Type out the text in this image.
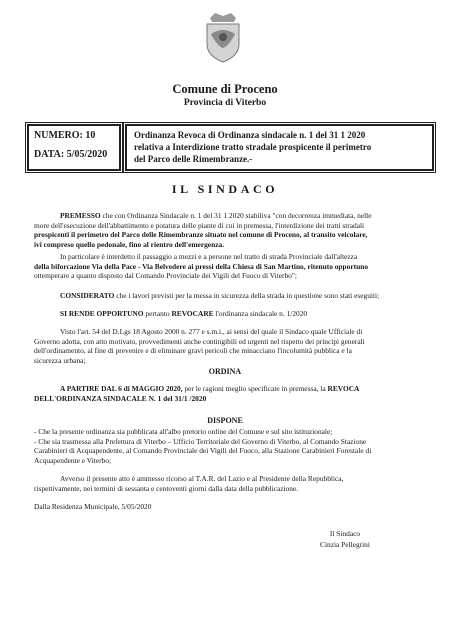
Comune di Proceno
Provincia di Viterbo
NUMERO: 10
DATA: 5/05/2020
Ordinanza Revoca di Ordinanza sindacale n. 1 del 31 1 2020
relativa a Interdizione tratto stradale prospicente il perimetro
del Parco delle Rimembranze.-
IL SINDACO
PREMESSO che con Ordinanza Sindacale n. 1 del 31 1 2020 stabiliva "con decorrenza immediata, nelle
more dell'esecuzione dell'abbattimento e potatura delle piante di cui in premessa, l'interdizione dei tratti stradali
prospicenti il perimetro del Parco delle Rimembranze situato nel comune di Proceno, al transito veicolare,
ivi compreso quello pedonale, fino al rientro dell'emergenza.
In particolare è interdetto il passaggio a mezzi e a persone nel tratto di strada Provinciale dall'altezza
della biforcazione Via della Pace - Via Belvedere ai pressi della Chiesa di San Martino, ritenuto opportuno
ottemperare a quanto disposto dal Comando Provinciale dei Vigili del Fuoco di Viterbo";
CONSIDERATO che i lavori previsti per la messa in sicurezza della strada in questione sono stati eseguiti;
SI RENDE OPPORTUNO pertanto REVOCARE l'ordinanza sindacale n. 1/2020
Visto l'art. 54 del D.Lgs 18 Agosto 2000 n. 277 e s.m.i., ai sensi del quale il Sindaco quale Ufficiale di
Governo adotta, con atto motivato, provvedimenti anche contingibili ed urgenti nel rispetto dei principi generali
dell'ordinamento, al fine di prevenire e di eliminare gravi pericoli che minacciano l'incolumità pubblica e la
sicurezza urbana;
ORDINA
A PARTIRE DAL 6 di MAGGIO 2020, per le ragioni meglio specificate in premessa, la REVOCA
DELL'ORDINANZA SINDACALE N. 1 del 31/1 /2020
DISPONE
- Che la presente ordinanza sia pubblicata all'albo pretorio online del Comune e sul sito istituzionale;
- Che sia trasmessa alla Prefettura di Viterbo – Ufficio Territoriale del Governo di Viterbo, al Comando Stazione
Carabinieri di Acquapendente, al Comando Provinciale dei Vigili del Fuoco, alla Stazione Carabinieri Forestale di
Acquapendente e Viterbo;
Avverso il presente atto è ammesso ricorso al T.A.R. del Lazio e al Presidente della Repubblica,
rispettivamente, nei termini di sessanta e centoventi giorni dalla data della pubblicazione.
Dalla Residenza Municipale, 5/05/2020
Il Sindaco
Cinzia Pellegrini
